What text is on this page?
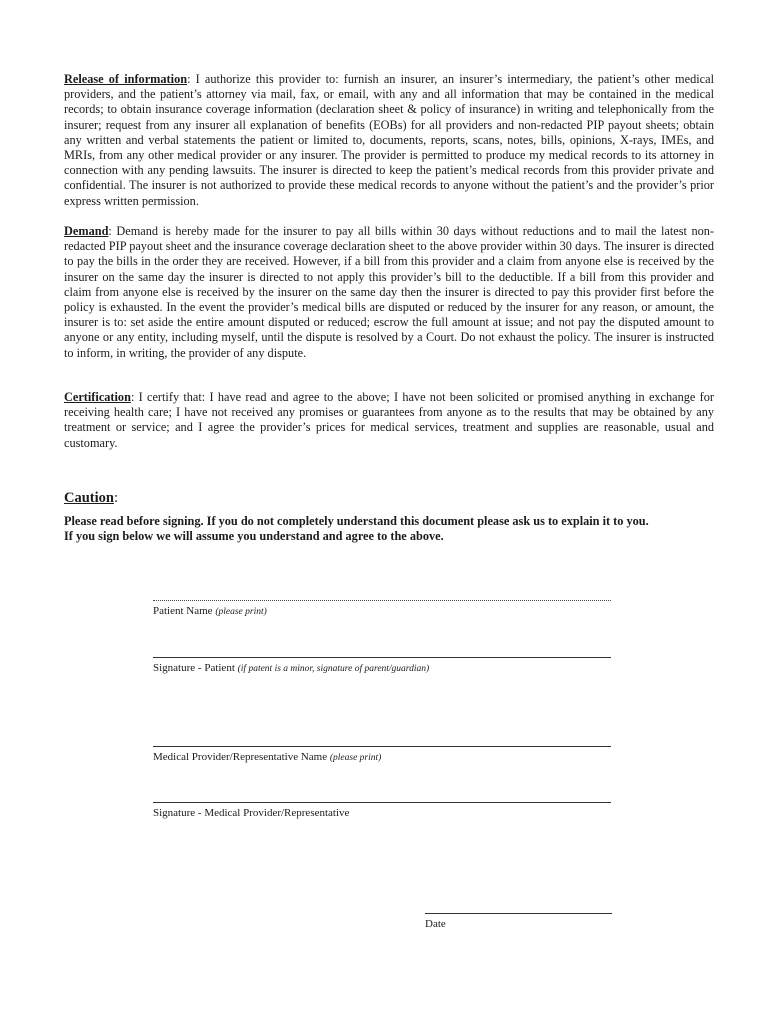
Release of information: I authorize this provider to: furnish an insurer, an insurer’s intermediary, the patient’s other medical providers, and the patient’s attorney via mail, fax, or email, with any and all information that may be contained in the medical records; to obtain insurance coverage information (declaration sheet & policy of insurance) in writing and telephonically from the insurer; request from any insurer all explanation of benefits (EOBs) for all providers and non-redacted PIP payout sheets; obtain any written and verbal statements the patient or limited to, documents, reports, scans, notes, bills, opinions, X-rays, IMEs, and MRIs, from any other medical provider or any insurer. The provider is permitted to produce my medical records to its attorney in connection with any pending lawsuits. The insurer is directed to keep the patient’s medical records from this provider private and confidential. The insurer is not authorized to provide these medical records to anyone without the patient’s and the provider’s prior express written permission.

Demand: Demand is hereby made for the insurer to pay all bills within 30 days without reductions and to mail the latest non-redacted PIP payout sheet and the insurance coverage declaration sheet to the above provider within 30 days. The insurer is directed to pay the bills in the order they are received. However, if a bill from this provider and a claim from anyone else is received by the insurer on the same day the insurer is directed to not apply this provider’s bill to the deductible. If a bill from this provider and claim from anyone else is received by the insurer on the same day then the insurer is directed to pay this provider first before the policy is exhausted. In the event the provider’s medical bills are disputed or reduced by the insurer for any reason, or amount, the insurer is to: set aside the entire amount disputed or reduced; escrow the full amount at issue; and not pay the disputed amount to anyone or any entity, including myself, until the dispute is resolved by a Court. Do not exhaust the policy. The insurer is instructed to inform, in writing, the provider of any dispute.

Certification: I certify that: I have read and agree to the above; I have not been solicited or promised anything in exchange for receiving health care; I have not received any promises or guarantees from anyone as to the results that may be obtained by any treatment or service; and I agree the provider’s prices for medical services, treatment and supplies are reasonable, usual and customary.

Caution:

Please read before signing. If you do not completely understand this document please ask us to explain it to you.
If you sign below we will assume you understand and agree to the above.

Patient Name (please print)

Signature - Patient (if patent is a minor, signature of parent/guardian)

Medical Provider/Representative Name (please print)

Signature - Medical Provider/Representative

Date
